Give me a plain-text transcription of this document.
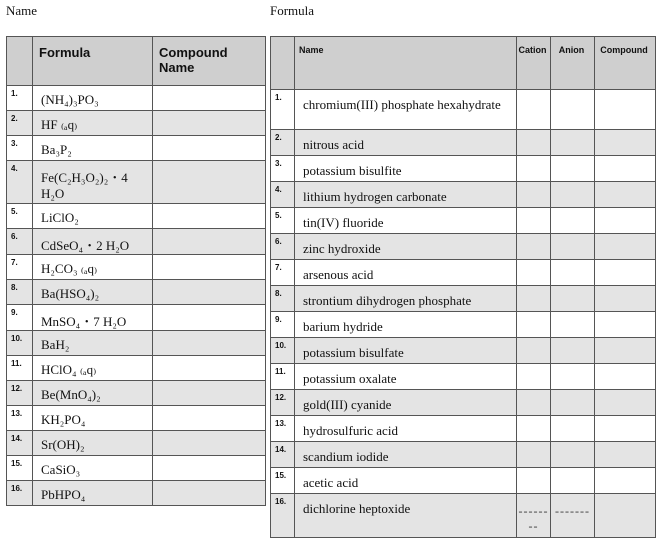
Name	Formula
	Formula	Compound Name
1.	(NH₄)₃PO₃	
2.	HF ₍ₐq₎	
3.	Ba₃P₂	
4.	Fe(C₂H₃O₂)₂・4 H₂O	
5.	LiClO₂	
6.	CdSeO₄・2 H₂O	
7.	H₂CO₃ ₍ₐq₎	
8.	Ba(HSO₄)₂	
9.	MnSO₄・7 H₂O	
10.	BaH₂	
11.	HClO₄ ₍ₐq₎	
12.	Be(MnO₄)₂	
13.	KH₂PO₄	
14.	Sr(OH)₂	
15.	CaSiO₃	
16.	PbHPO₄	
	Name	Cation	Anion	Compound
1.	chromium(III) phosphate hexahydrate			
2.	nitrous acid			
3.	potassium bisulfite			
4.	lithium hydrogen carbonate			
5.	tin(IV) fluoride			
6.	zinc hydroxide			
7.	arsenous acid			
8.	strontium dihydrogen phosphate			
9.	barium hydride			
10.	potassium bisulfate			
11.	potassium oxalate			
12.	gold(III) cyanide			
13.	hydrosulfuric acid			
14.	scandium iodide			
15.	acetic acid			
16.	dichlorine heptoxide	--------	-------	
